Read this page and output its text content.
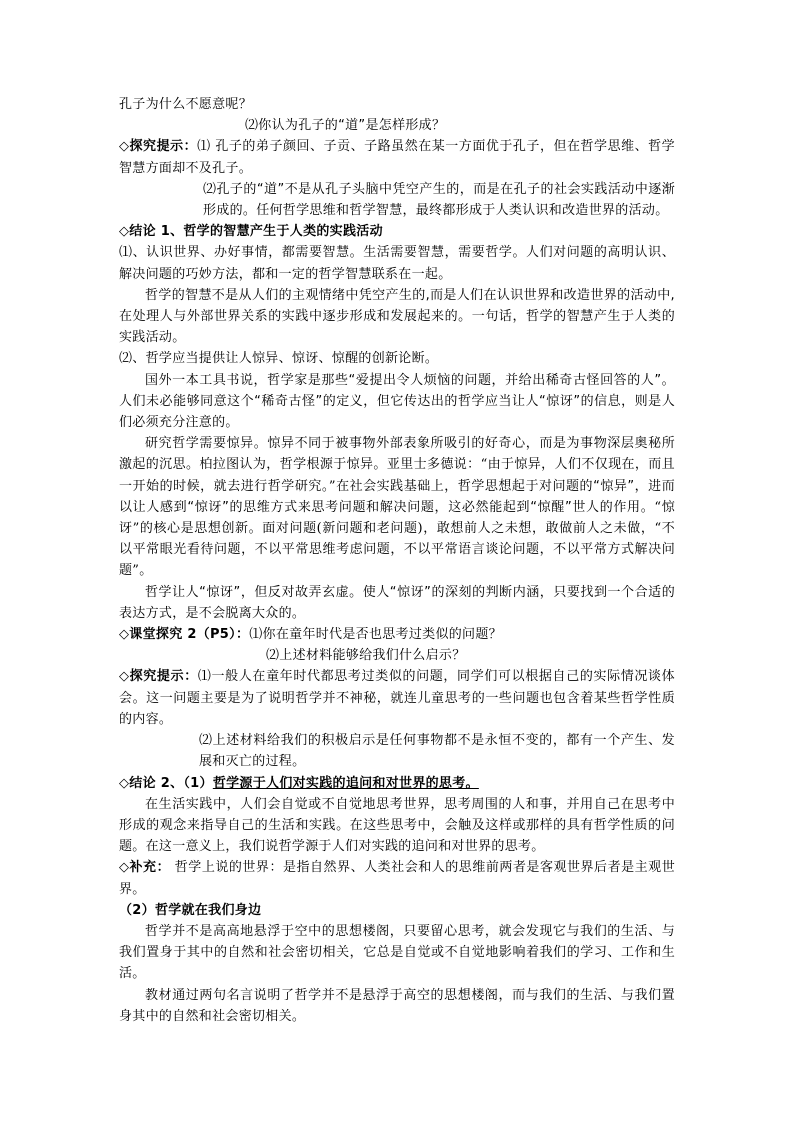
孔子为什么不愿意呢？

⑵你认为孔子的“道”是怎样形成？

◇探究提示：⑴ 孔子的弟子颜回、子贡、子路虽然在某一方面优于孔子，但在哲学思维、哲学智慧方面却不及孔子。

⑵孔子的“道”不是从孔子头脑中凭空产生的，而是在孔子的社会实践活动中逐渐形成的。任何哲学思维和哲学智慧，最终都形成于人类认识和改造世界的活动。

◇结论 1、哲学的智慧产生于人类的实践活动

⑴、认识世界、办好事情，都需要智慧。生活需要智慧，需要哲学。人们对问题的高明认识、解决问题的巧妙方法，都和一定的哲学智慧联系在一起。

哲学的智慧不是从人们的主观情绪中凭空产生的,而是人们在认识世界和改造世界的活动中,在处理人与外部世界关系的实践中逐步形成和发展起来的。一句话，哲学的智慧产生于人类的实践活动。

⑵、哲学应当提供让人惊异、惊讶、惊醒的创新论断。

国外一本工具书说，哲学家是那些“爱提出令人烦恼的问题，并给出稀奇古怪回答的人”。人们未必能够同意这个“稀奇古怪”的定义，但它传达出的哲学应当让人“惊讶”的信息，则是人们必须充分注意的。

研究哲学需要惊异。惊异不同于被事物外部表象所吸引的好奇心，而是为事物深层奥秘所激起的沉思。柏拉图认为，哲学根源于惊异。亚里士多德说：“由于惊异，人们不仅现在，而且一开始的时候，就去进行哲学研究。”在社会实践基础上，哲学思想起于对问题的“惊异”，进而以让人感到“惊讶”的思维方式来思考问题和解决问题，这必然能起到“惊醒”世人的作用。“惊讶”的核心是思想创新。面对问题(新问题和老问题)，敢想前人之未想，敢做前人之未做，“不以平常眼光看待问题，不以平常思维考虑问题，不以平常语言谈论问题，不以平常方式解决问题”。

哲学让人“惊讶”，但反对故弄玄虚。使人“惊讶”的深刻的判断内涵，只要找到一个合适的表达方式，是不会脱离大众的。

◇课堂探究 2（P5）：⑴你在童年时代是否也思考过类似的问题？

⑵上述材料能够给我们什么启示？

◇探究提示：⑴一般人在童年时代都思考过类似的问题，同学们可以根据自己的实际情况谈体会。这一问题主要是为了说明哲学并不神秘，就连儿童思考的一些问题也包含着某些哲学性质的内容。

⑵上述材料给我们的积极启示是任何事物都不是永恒不变的，都有一个产生、发展和灭亡的过程。

◇结论 2、（1）哲学源于人们对实践的追问和对世界的思考。

在生活实践中，人们会自觉或不自觉地思考世界，思考周围的人和事，并用自己在思考中形成的观念来指导自己的生活和实践。在这些思考中，会触及这样或那样的具有哲学性质的问题。在这一意义上，我们说哲学源于人们对实践的追问和对世界的思考。

◇补充： 哲学上说的世界：是指自然界、人类社会和人的思维前两者是客观世界后者是主观世界。

（2）哲学就在我们身边

哲学并不是高高地悬浮于空中的思想楼阁，只要留心思考，就会发现它与我们的生活、与我们置身于其中的自然和社会密切相关，它总是自觉或不自觉地影响着我们的学习、工作和生活。

教材通过两句名言说明了哲学并不是悬浮于高空的思想楼阁，而与我们的生活、与我们置身其中的自然和社会密切相关。
